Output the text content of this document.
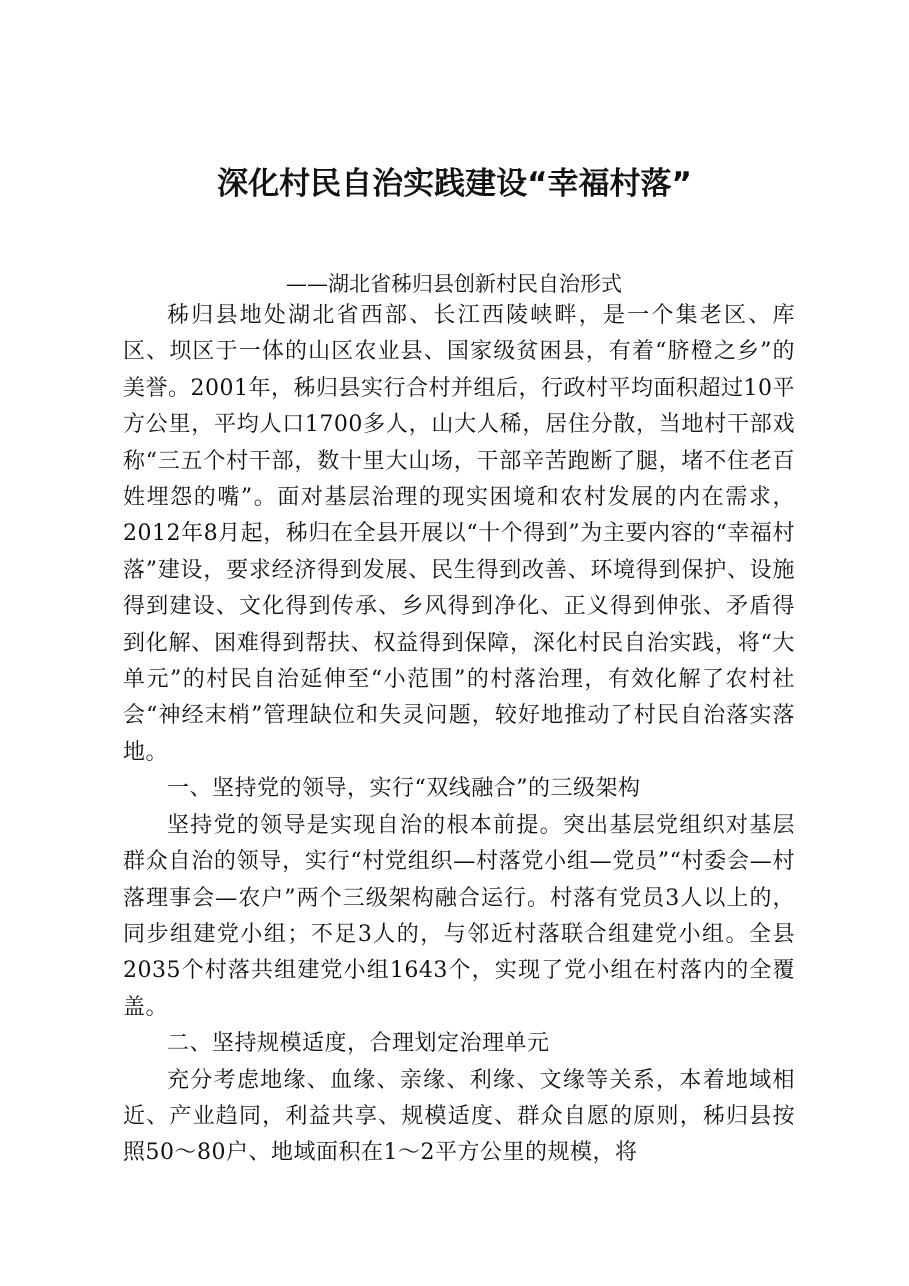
深化村民自治实践建设“幸福村落”

——湖北省秭归县创新村民自治形式

秭归县地处湖北省西部、长江西陵峡畔，是一个集老区、库区、坝区于一体的山区农业县、国家级贫困县，有着“脐橙之乡”的美誉。2001年，秭归县实行合村并组后，行政村平均面积超过10平方公里，平均人口1700多人，山大人稀，居住分散，当地村干部戏称“三五个村干部，数十里大山场，干部辛苦跑断了腿，堵不住老百姓埋怨的嘴”。面对基层治理的现实困境和农村发展的内在需求，2012年8月起，秭归在全县开展以“十个得到”为主要内容的“幸福村落”建设，要求经济得到发展、民生得到改善、环境得到保护、设施得到建设、文化得到传承、乡风得到净化、正义得到伸张、矛盾得到化解、困难得到帮扶、权益得到保障，深化村民自治实践，将“大单元”的村民自治延伸至“小范围”的村落治理，有效化解了农村社会“神经末梢”管理缺位和失灵问题，较好地推动了村民自治落实落地。

一、坚持党的领导，实行“双线融合”的三级架构

坚持党的领导是实现自治的根本前提。突出基层党组织对基层群众自治的领导，实行“村党组织—村落党小组—党员”“村委会—村落理事会—农户”两个三级架构融合运行。村落有党员3人以上的，同步组建党小组；不足3人的，与邻近村落联合组建党小组。全县2035个村落共组建党小组1643个，实现了党小组在村落内的全覆盖。

二、坚持规模适度，合理划定治理单元

充分考虑地缘、血缘、亲缘、利缘、文缘等关系，本着地域相近、产业趋同，利益共享、规模适度、群众自愿的原则，秭归县按照50～80户、地域面积在1～2平方公里的规模，将
